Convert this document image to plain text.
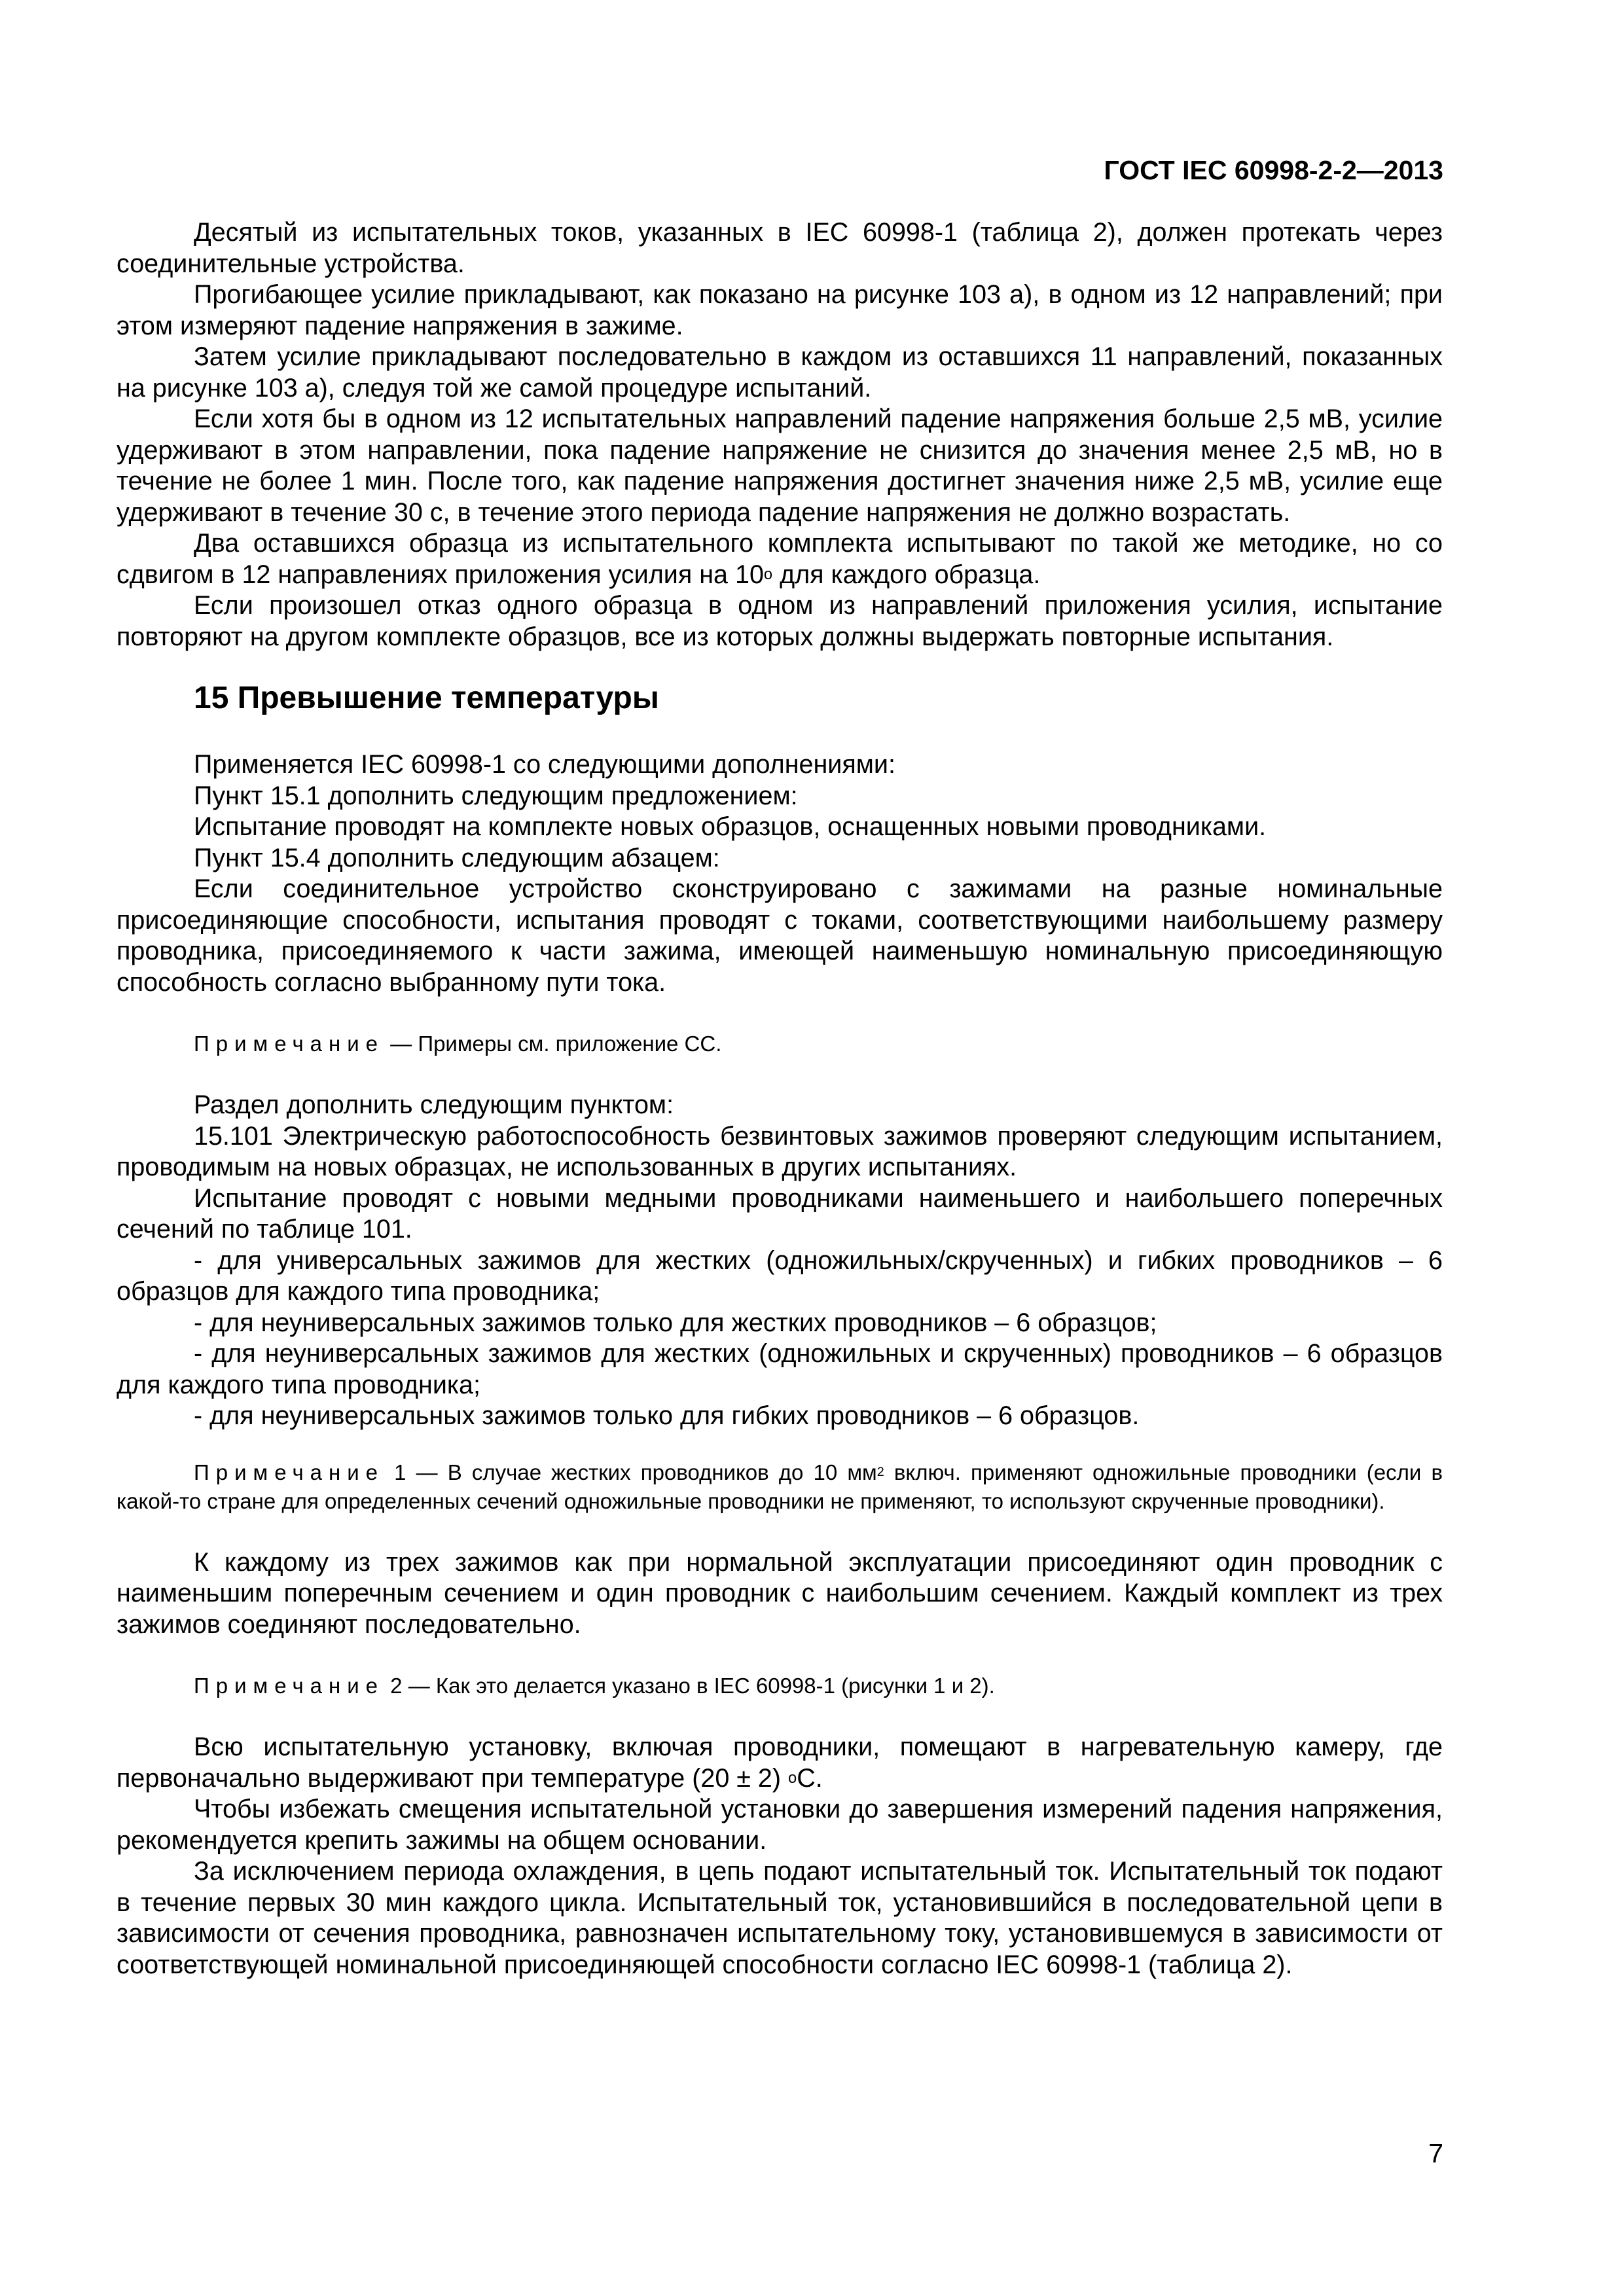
ГОСТ IEC 60998-2-2—2013

Десятый из испытательных токов, указанных в IEC 60998-1 (таблица 2), должен протекать через соединительные устройства.

Прогибающее усилие прикладывают, как показано на рисунке 103 а), в одном из 12 направлений; при этом измеряют падение напряжения в зажиме.

Затем усилие прикладывают последовательно в каждом из оставшихся 11 направлений, показанных на рисунке 103 а), следуя той же самой процедуре испытаний.

Если хотя бы в одном из 12 испытательных направлений падение напряжения больше 2,5 мВ, усилие удерживают в этом направлении, пока падение напряжение не снизится до значения менее 2,5 мВ, но в течение не более 1 мин. После того, как падение напряжения достигнет значения ниже 2,5 мВ, усилие еще удерживают в течение 30 с, в течение этого периода падение напряжения не должно возрастать.

Два оставшихся образца из испытательного комплекта испытывают по такой же методике, но со сдвигом в 12 направлениях приложения усилия на $10^о$ для каждого образца.

Если произошел отказ одного образца в одном из направлений приложения усилия, испытание повторяют на другом комплекте образцов, все из которых должны выдержать повторные испытания.

15 Превышение температуры

Применяется IEC 60998-1 со следующими дополнениями:

Пункт 15.1 дополнить следующим предложением:

Испытание проводят на комплекте новых образцов, оснащенных новыми проводниками.

Пункт 15.4 дополнить следующим абзацем:

Если соединительное устройство сконструировано с зажимами на разные номинальные присоединяющие способности, испытания проводят с токами, соответствующими наибольшему размеру проводника, присоединяемого к части зажима, имеющей наименьшую номинальную присоединяющую способность согласно выбранному пути тока.

Примечание — Примеры см. приложение СС.

Раздел дополнить следующим пунктом:

15.101 Электрическую работоспособность безвинтовых зажимов проверяют следующим испытанием, проводимым на новых образцах, не использованных в других испытаниях.

Испытание проводят с новыми медными проводниками наименьшего и наибольшего поперечных сечений по таблице 101.

- для универсальных зажимов для жестких (одножильных/скрученных) и гибких проводников – 6 образцов для каждого типа проводника;

- для неуниверсальных зажимов только для жестких проводников – 6 образцов;

- для неуниверсальных зажимов для жестких (одножильных и скрученных) проводников – 6 образцов для каждого типа проводника;

- для неуниверсальных зажимов только для гибких проводников – 6 образцов.

Примечание 1 — В случае жестких проводников до 10 $мм^2$ включ. применяют одножильные проводники (если в какой-то стране для определенных сечений одножильные проводники не применяют, то используют скрученные проводники).

К каждому из трех зажимов как при нормальной эксплуатации присоединяют один проводник с наименьшим поперечным сечением и один проводник с наибольшим сечением. Каждый комплект из трех зажимов соединяют последовательно.

Примечание 2 — Как это делается указано в IEC 60998-1 (рисунки 1 и 2).

Всю испытательную установку, включая проводники, помещают в нагревательную камеру, где первоначально выдерживают при температуре (20 ± 2) $^о$С.

Чтобы избежать смещения испытательной установки до завершения измерений падения напряжения, рекомендуется крепить зажимы на общем основании.

За исключением периода охлаждения, в цепь подают испытательный ток. Испытательный ток подают в течение первых 30 мин каждого цикла. Испытательный ток, установившийся в последовательной цепи в зависимости от сечения проводника, равнозначен испытательному току, установившемуся в зависимости от соответствующей номинальной присоединяющей способности согласно IEC 60998-1 (таблица 2).

7
